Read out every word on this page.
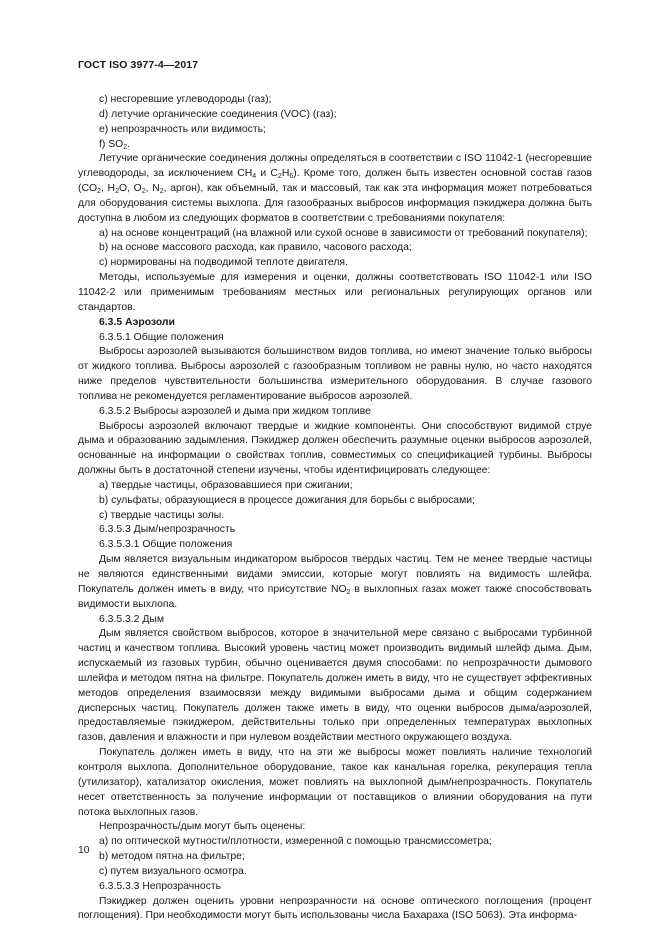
ГОСТ ISO 3977-4—2017

с) несгоревшие углеводороды (газ);

d) летучие органические соединения (VOC) (газ);

е) непрозрачность или видимость;

f) $SO_2$.

Летучие органические соединения должны определяться в соответствии с ISO 11042-1 (несгоревшие углеводороды, за исключением $CH_4$ и $C_2H_6$). Кроме того, должен быть известен основной состав газов ($CO_2$, $H_2O$, $O_2$, $N_2$, аргон), как объемный, так и массовый, так как эта информация может потребоваться для оборудования системы выхлопа. Для газообразных выбросов информация пэкиджера должна быть доступна в любом из следующих форматов в соответствии с требованиями покупателя:

а) на основе концентраций (на влажной или сухой основе в зависимости от требований покупателя);

b) на основе массового расхода, как правило, часового расхода;

с) нормированы на подводимой теплоте двигателя.

Методы, используемые для измерения и оценки, должны соответствовать ISO 11042-1 или ISO 11042-2 или применимым требованиям местных или региональных регулирующих органов или стандартов.

6.3.5 Аэрозоли

6.3.5.1 Общие положения

Выбросы аэрозолей вызываются большинством видов топлива, но имеют значение только выбросы от жидкого топлива. Выбросы аэрозолей с газообразным топливом не равны нулю, но часто находятся ниже пределов чувствительности большинства измерительного оборудования. В случае газового топлива не рекомендуется регламентирование выбросов аэрозолей.

6.3.5.2 Выбросы аэрозолей и дыма при жидком топливе

Выбросы аэрозолей включают твердые и жидкие компоненты. Они способствуют видимой струе дыма и образованию задымления. Пэкиджер должен обеспечить разумные оценки выбросов аэрозолей, основанные на информации о свойствах топлив, совместимых со спецификацией турбины. Выбросы должны быть в достаточной степени изучены, чтобы идентифицировать следующее:

а) твердые частицы, образовавшиеся при сжигании;

b) сульфаты, образующиеся в процессе дожигания для борьбы с выбросами;

с) твердые частицы золы.

6.3.5.3 Дым/непрозрачность

6.3.5.3.1 Общие положения

Дым является визуальным индикатором выбросов твердых частиц. Тем не менее твердые частицы не являются единственными видами эмиссии, которые могут повлиять на видимость шлейфа. Покупатель должен иметь в виду, что присутствие $NO_2$ в выхлопных газах может также способствовать видимости выхлопа.

6.3.5.3.2 Дым

Дым является свойством выбросов, которое в значительной мере связано с выбросами турбинной частиц и качеством топлива. Высокий уровень частиц может производить видимый шлейф дыма. Дым, испускаемый из газовых турбин, обычно оценивается двумя способами: по непрозрачности дымового шлейфа и методом пятна на фильтре. Покупатель должен иметь в виду, что не существует эффективных методов определения взаимосвязи между видимыми выбросами дыма и общим содержанием дисперсных частиц. Покупатель должен также иметь в виду, что оценки выбросов дыма/аэрозолей, предоставляемые пэкиджером, действительны только при определенных температурах выхлопных газов, давления и влажности и при нулевом воздействии местного окружающего воздуха.

Покупатель должен иметь в виду, что на эти же выбросы может повлиять наличие технологий контроля выхлопа. Дополнительное оборудование, такое как канальная горелка, рекуперация тепла (утилизатор), катализатор окисления, может повлиять на выхлопной дым/непрозрачность. Покупатель несет ответственность за получение информации от поставщиков о влиянии оборудования на пути потока выхлопных газов.

Непрозрачность/дым могут быть оценены:

а) по оптической мутности/плотности, измеренной с помощью трансмиссометра;

b) методом пятна на фильтре;

с) путем визуального осмотра.

6.3.5.3.3 Непрозрачность

Пэкиджер должен оценить уровни непрозрачности на основе оптического поглощения (процент поглощения). При необходимости могут быть использованы числа Бахараха (ISO 5063). Эта информа-

10
